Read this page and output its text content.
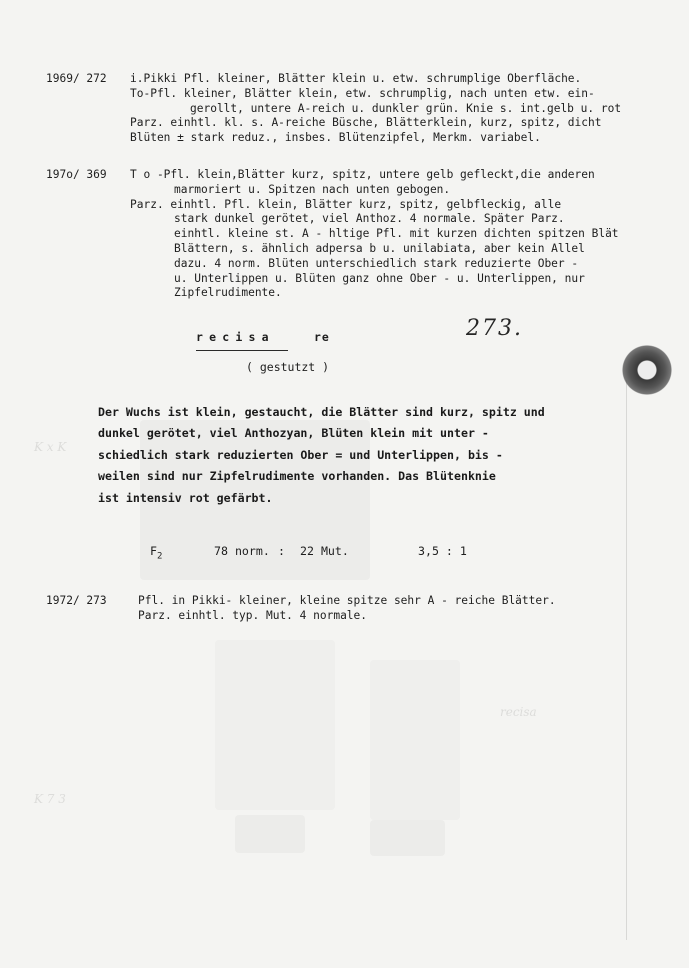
K x K
K 7 3
recisa
1969/ 272	i.Pikki Pfl. kleiner, Blätter klein u. etw. schrumplige Oberfläche.
To-Pfl. kleiner, Blätter klein, etw. schrumplig, nach unten etw. ein-
gerollt, untere A-reich u. dunkler grün. Knie s. int.gelb u. rot
Parz. einhtl. kl. s. A-reiche Büsche, Blätterklein, kurz, spitz, dicht
Blüten ± stark reduz., insbes. Blütenzipfel, Merkm. variabel.
197o/ 369	T o -Pfl. klein,Blätter kurz, spitz, untere gelb gefleckt,die anderen
marmoriert u. Spitzen nach unten gebogen.
Parz. einhtl. Pfl. klein, Blätter kurz, spitz, gelbfleckig, alle
stark dunkel gerötet, viel Anthoz. 4 normale. Später Parz.
einhtl. kleine st. A - hltige Pfl. mit kurzen dichten spitzen Blät
Blättern, s. ähnlich adpersa b u. unilabiata, aber kein Allel
dazu. 4 norm. Blüten unterschiedlich stark reduzierte Ober -
u. Unterlippen u. Blüten ganz ohne Ober - u. Unterlippen, nur
Zipfelrudimente.
recisa	re
( gestutzt )
273.
Der Wuchs ist klein, gestaucht, die Blätter sind kurz, spitz und
dunkel gerötet, viel Anthozyan, Blüten klein mit unter -
schiedlich stark reduzierten Ober = und Unterlippen, bis -
weilen sind nur Zipfelrudimente vorhanden. Das Blütenknie
ist intensiv rot gefärbt.
$F_2$	78 norm. : 22 Mut.	3,5 : 1
1972/ 273	Pfl. in Pikki- kleiner, kleine spitze sehr A - reiche Blätter.
Parz. einhtl. typ. Mut. 4 normale.
